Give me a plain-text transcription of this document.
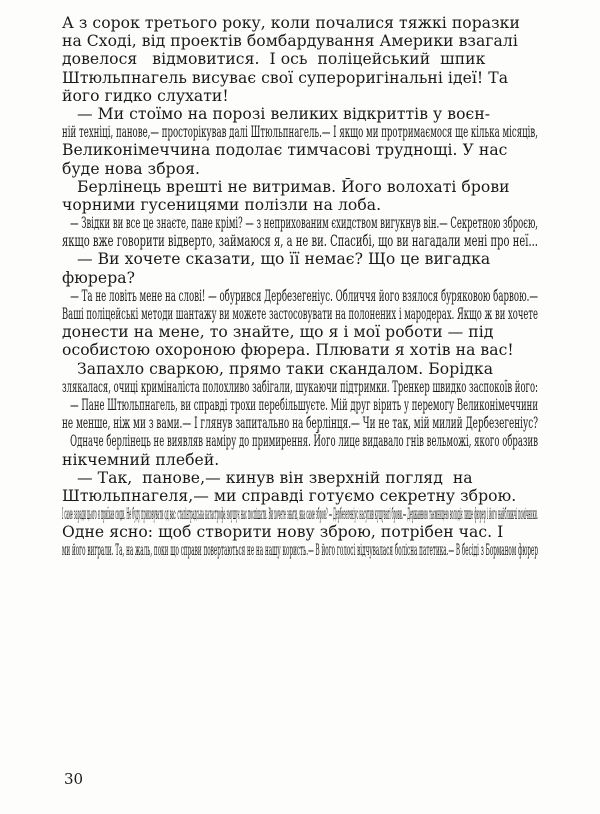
А з сорок третього року, коли почалися тяжкі поразки
на Сході, від проектів бомбардування Америки взагалі
довелося   відмовитися.  І ось  поліцейський  шпик
Штюльпнагель висуває свої супероригінальні ідеї! Та
його гидко слухати!
— Ми стоїмо на порозі великих відкриттів у воєн-
ній техніці, панове,— просторікував далі Штюльпнагель.— І якщо ми протримаємося ще кілька місяців,
Великонімеччина подолає тимчасові труднощі. У нас
буде нова зброя.
Берлінець врешті не витримав. Його волохаті брови
чорними гусеницями полізли на лоба.
— Звідки ви все це знаєте, пане крімі? — з неприхованим єхидством вигукнув він.— Секретною зброєю,
якщо вже говорити відверто, займаюся я, а не ви. Спасибі, що ви нагадали мені про неї...
— Ви хочете сказати, що її немає? Що це вигадка
фюрера?
— Та не ловіть мене на слові! — обурився Дербезегеніус. Обличчя його взялося буряковою барвою.—
Ваші поліцейські методи шантажу ви можете застосовувати на полонених і мародерах. Якщо ж ви хочете
донести на мене, то знайте, що я і мої роботи — під
особистою охороною фюрера. Плювати я хотів на вас!
Запахло сваркою, прямо таки скандалом. Борідка
злякалася, очиці криміналіста полохливо забігали, шукаючи підтримки. Тренкер швидко заспокоїв його:
— Пане Штюльпнагель, ви справді трохи перебільшуєте. Мій друг вірить у перемогу Великонімеччини
не менше, ніж ми з вами.— І глянув запитально на берлінця.— Чи не так, мій милий Дербезегеніус?
Одначе берлінець не виявляв наміру до примирення. Його лице видавало гнів вельможі, якого образив
нікчемний плебей.
— Так,  панове,— кинув він зверхній погляд  на
Штюльпнагеля,— ми справді готуємо секретну зброю.
І саме заради цього я приїхав сюди. Не буду приховувати од вас: сталінградська катастрофа змушує нас поспішати. Ви хочете знати, яка саме зброя? — Дербезегеніус насупив кущуваті брови.— Державною таємницею володіє лише фюрер і його найближчі помічники.
Одне ясно: щоб створити нову зброю, потрібен час. І
ми його виграли. Та, на жаль, поки що справи повертаються не на нашу користь.— В його голосі відчувалася болісна патетика.— В бесіді з Борманом фюрер
30
